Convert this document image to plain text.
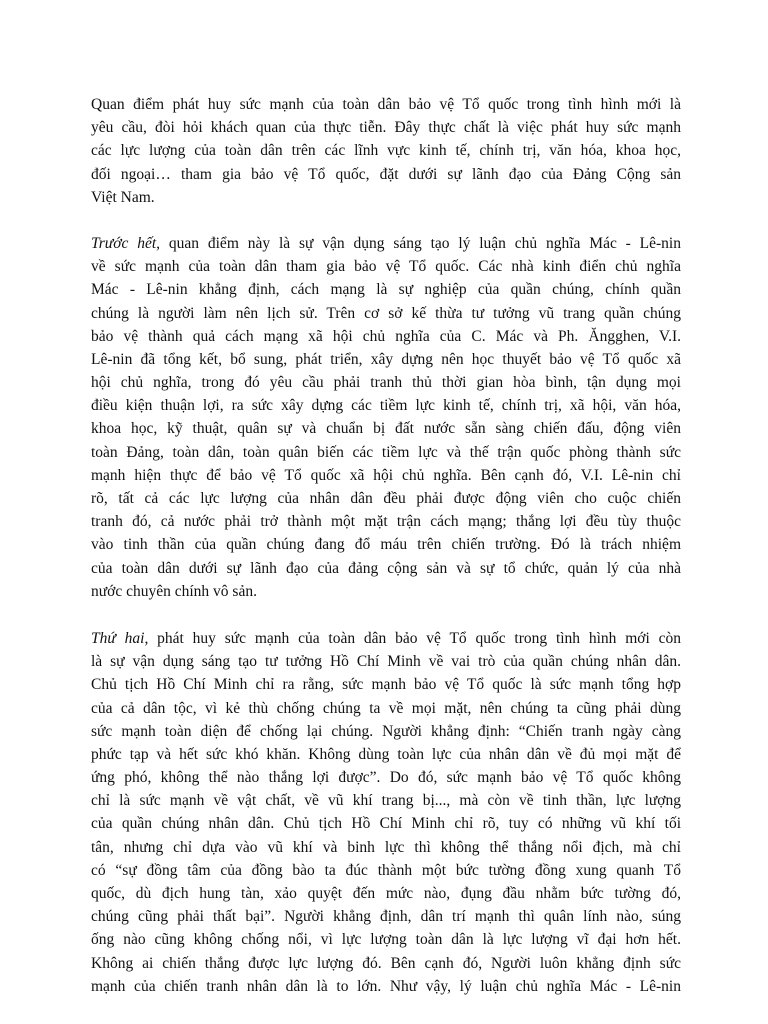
Quan điểm phát huy sức mạnh của toàn dân bảo vệ Tổ quốc trong tình hình mới là
yêu cầu, đòi hỏi khách quan của thực tiễn. Đây thực chất là việc phát huy sức mạnh
các lực lượng của toàn dân trên các lĩnh vực kinh tế, chính trị, văn hóa, khoa học,
đối ngoại… tham gia bảo vệ Tổ quốc, đặt dưới sự lãnh đạo của Đảng Cộng sản
Việt Nam.
Trước hết, quan điểm này là sự vận dụng sáng tạo lý luận chủ nghĩa Mác - Lê-nin
về sức mạnh của toàn dân tham gia bảo vệ Tổ quốc. Các nhà kinh điển chủ nghĩa
Mác - Lê-nin khẳng định, cách mạng là sự nghiệp của quần chúng, chính quần
chúng là người làm nên lịch sử. Trên cơ sở kế thừa tư tưởng vũ trang quần chúng
bảo vệ thành quả cách mạng xã hội chủ nghĩa của C. Mác và Ph. Ăngghen, V.I.
Lê-nin đã tổng kết, bổ sung, phát triển, xây dựng nên học thuyết bảo vệ Tổ quốc xã
hội chủ nghĩa, trong đó yêu cầu phải tranh thủ thời gian hòa bình, tận dụng mọi
điều kiện thuận lợi, ra sức xây dựng các tiềm lực kinh tế, chính trị, xã hội, văn hóa,
khoa học, kỹ thuật, quân sự và chuẩn bị đất nước sẵn sàng chiến đấu, động viên
toàn Đảng, toàn dân, toàn quân biến các tiềm lực và thế trận quốc phòng thành sức
mạnh hiện thực để bảo vệ Tổ quốc xã hội chủ nghĩa. Bên cạnh đó, V.I. Lê-nin chỉ
rõ, tất cả các lực lượng của nhân dân đều phải được động viên cho cuộc chiến
tranh đó, cả nước phải trở thành một mặt trận cách mạng; thắng lợi đều tùy thuộc
vào tinh thần của quần chúng đang đổ máu trên chiến trường. Đó là trách nhiệm
của toàn dân dưới sự lãnh đạo của đảng cộng sản và sự tổ chức, quản lý của nhà
nước chuyên chính vô sản.
Thứ hai, phát huy sức mạnh của toàn dân bảo vệ Tổ quốc trong tình hình mới còn
là sự vận dụng sáng tạo tư tưởng Hồ Chí Minh về vai trò của quần chúng nhân dân.
Chủ tịch Hồ Chí Minh chỉ ra rằng, sức mạnh bảo vệ Tổ quốc là sức mạnh tổng hợp
của cả dân tộc, vì kẻ thù chống chúng ta về mọi mặt, nên chúng ta cũng phải dùng
sức mạnh toàn diện để chống lại chúng. Người khẳng định: “Chiến tranh ngày càng
phức tạp và hết sức khó khăn. Không dùng toàn lực của nhân dân về đủ mọi mặt để
ứng phó, không thể nào thắng lợi được”. Do đó, sức mạnh bảo vệ Tổ quốc không
chỉ là sức mạnh về vật chất, về vũ khí trang bị..., mà còn về tinh thần, lực lượng
của quần chúng nhân dân. Chủ tịch Hồ Chí Minh chỉ rõ, tuy có những vũ khí tối
tân, nhưng chỉ dựa vào vũ khí và binh lực thì không thể thắng nổi địch, mà chỉ
có “sự đồng tâm của đồng bào ta đúc thành một bức tường đồng xung quanh Tổ
quốc, dù địch hung tàn, xảo quyệt đến mức nào, đụng đầu nhằm bức tường đó,
chúng cũng phải thất bại”. Người khẳng định, dân trí mạnh thì quân lính nào, súng
ống nào cũng không chống nổi, vì lực lượng toàn dân là lực lượng vĩ đại hơn hết.
Không ai chiến thắng được lực lượng đó. Bên cạnh đó, Người luôn khẳng định sức
mạnh của chiến tranh nhân dân là to lớn. Như vậy, lý luận chủ nghĩa Mác - Lê-nin
